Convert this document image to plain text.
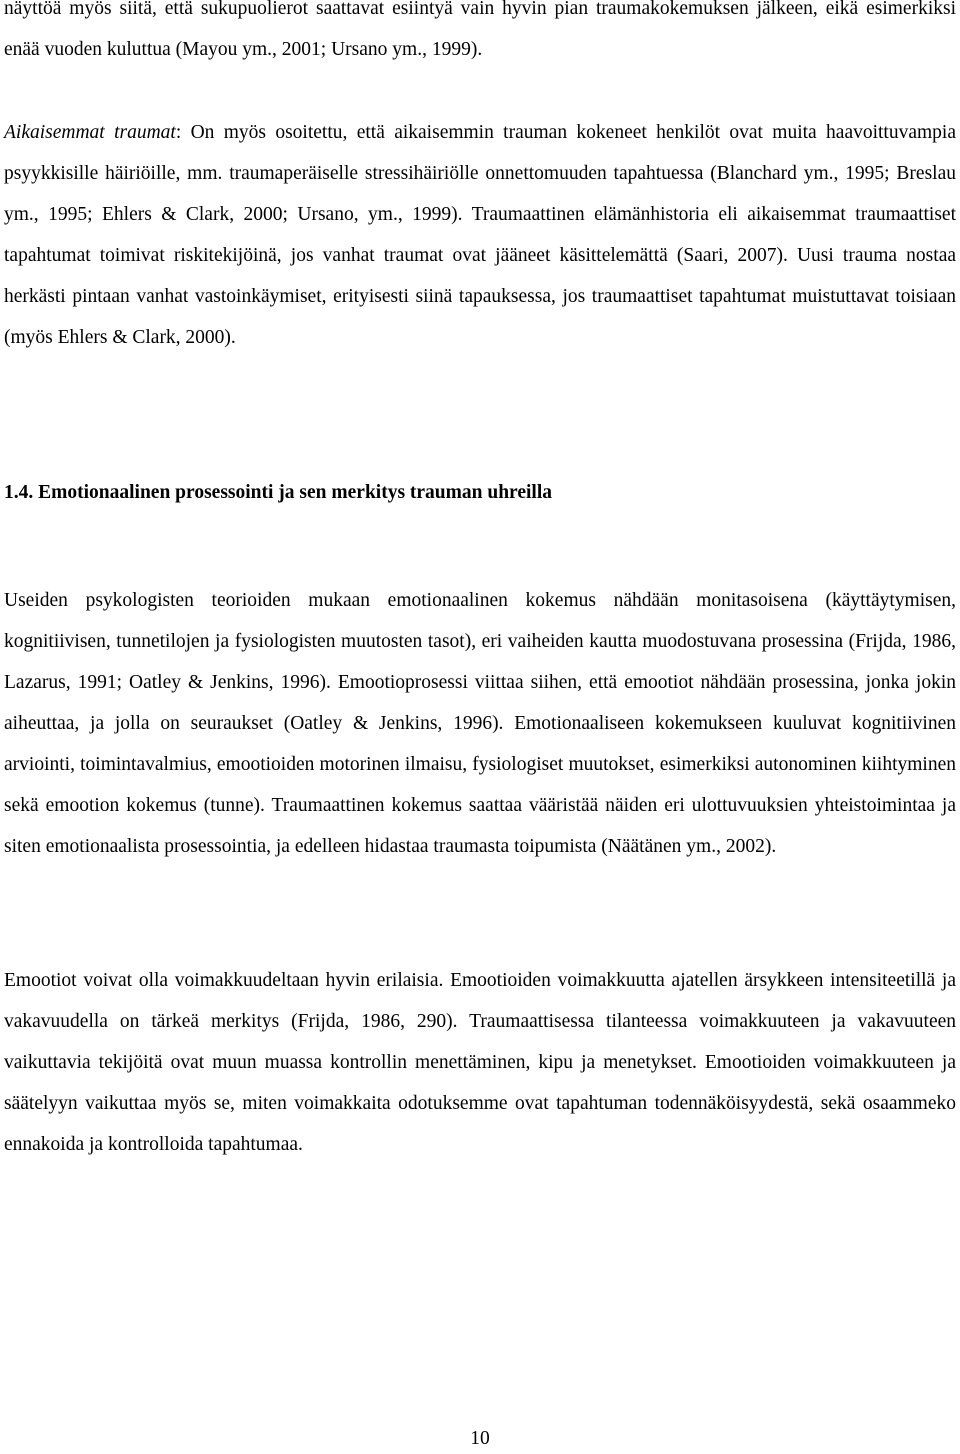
näyttöä myös siitä, että sukupuolierot saattavat esiintyä vain hyvin pian traumakokemuksen jälkeen, eikä esimerkiksi enää vuoden kuluttua (Mayou ym., 2001; Ursano ym., 1999).

Aikaisemmat traumat: On myös osoitettu, että aikaisemmin trauman kokeneet henkilöt ovat muita haavoittuvampia psyykkisille häiriöille, mm. traumaperäiselle stressihäiriölle onnettomuuden tapahtuessa (Blanchard ym., 1995; Breslau ym., 1995; Ehlers & Clark, 2000; Ursano, ym., 1999). Traumaattinen elämänhistoria eli aikaisemmat traumaattiset tapahtumat toimivat riskitekijöinä, jos vanhat traumat ovat jääneet käsittelemättä (Saari, 2007). Uusi trauma nostaa herkästi pintaan vanhat vastoinkäymiset, erityisesti siinä tapauksessa, jos traumaattiset tapahtumat muistuttavat toisiaan (myös Ehlers & Clark, 2000).

1.4. Emotionaalinen prosessointi ja sen merkitys trauman uhreilla

Useiden psykologisten teorioiden mukaan emotionaalinen kokemus nähdään monitasoisena (käyttäytymisen, kognitiivisen, tunnetilojen ja fysiologisten muutosten tasot), eri vaiheiden kautta muodostuvana prosessina (Frijda, 1986, Lazarus, 1991; Oatley & Jenkins, 1996). Emootioprosessi viittaa siihen, että emootiot nähdään prosessina, jonka jokin aiheuttaa, ja jolla on seuraukset (Oatley & Jenkins, 1996). Emotionaaliseen kokemukseen kuuluvat kognitiivinen arviointi, toimintavalmius, emootioiden motorinen ilmaisu, fysiologiset muutokset, esimerkiksi autonominen kiihtyminen sekä emootion kokemus (tunne). Traumaattinen kokemus saattaa vääristää näiden eri ulottuvuuksien yhteistoimintaa ja siten emotionaalista prosessointia, ja edelleen hidastaa traumasta toipumista (Näätänen ym., 2002).

Emootiot voivat olla voimakkuudeltaan hyvin erilaisia. Emootioiden voimakkuutta ajatellen ärsykkeen intensiteetillä ja vakavuudella on tärkeä merkitys (Frijda, 1986, 290). Traumaattisessa tilanteessa voimakkuuteen ja vakavuuteen vaikuttavia tekijöitä ovat muun muassa kontrollin menettäminen, kipu ja menetykset. Emootioiden voimakkuuteen ja säätelyyn vaikuttaa myös se, miten voimakkaita odotuksemme ovat tapahtuman todennäköisyydestä, sekä osaammeko ennakoida ja kontrolloida tapahtumaa.

10
